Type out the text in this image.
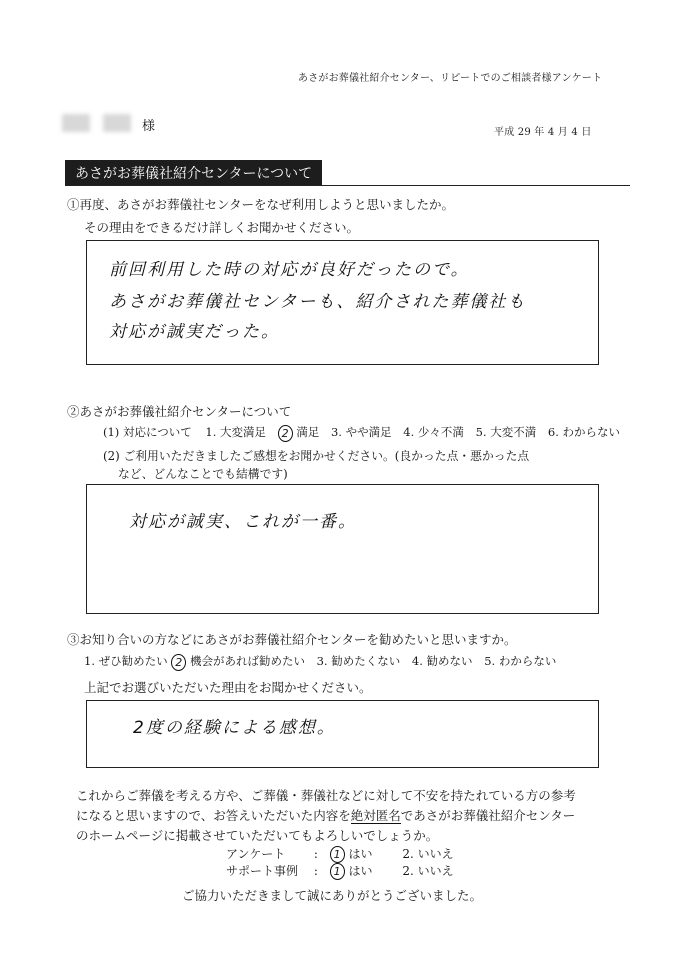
あさがお葬儀社紹介センター、リピートでのご相談者様アンケート

様	平成 29 年 4 月 4 日
あさがお葬儀社紹介センターについて
①再度、あさがお葬儀社センターをなぜ利用しようと思いましたか。
その理由をできるだけ詳しくお聞かせください。
前回利用した時の対応が良好だったので。
あさがお葬儀社センターも、紹介された葬儀社も
対応が誠実だった。
②あさがお葬儀社紹介センターについて
(1) 対応について 1. 大変満足 2 満足 3. やや満足 4. 少々不満 5. 大変不満 6. わからない
(2) ご利用いただきましたご感想をお聞かせください。(良かった点・悪かった点
など、どんなことでも結構です)
対応が誠実、これが一番。
③お知り合いの方などにあさがお葬儀社紹介センターを勧めたいと思いますか。
1. ぜひ勧めたい 2 機会があれば勧めたい 3. 勧めたくない 4. 勧めない 5. わからない
上記でお選びいただいた理由をお聞かせください。
2度の経験による感想。
これからご葬儀を考える方や、ご葬儀・葬儀社などに対して不安を持たれている方の参考
になると思いますので、お答えいただいた内容を絶対匿名であさがお葬儀社紹介センター
のホームページに掲載させていただいてもよろしいでしょうか。
アンケート : 1 はい 2. いいえ
サポート事例 : 1 はい 2. いいえ
ご協力いただきまして誠にありがとうございました。
